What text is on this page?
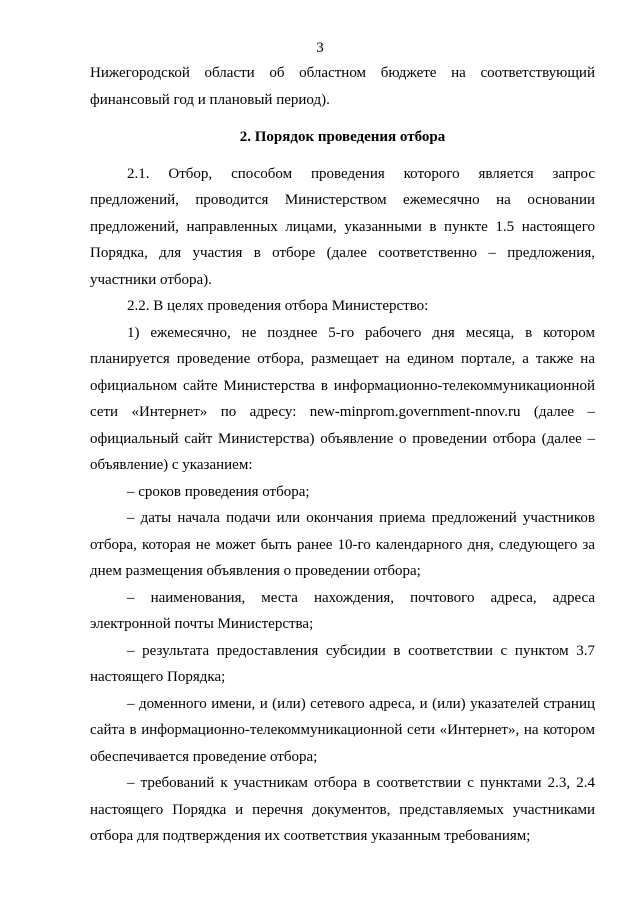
3

Нижегородской области об областном бюджете на соответствующий финансовый год и плановый период).

2. Порядок проведения отбора

2.1. Отбор, способом проведения которого является запрос предложений, проводится Министерством ежемесячно на основании предложений, направленных лицами, указанными в пункте 1.5 настоящего Порядка, для участия в отборе (далее соответственно – предложения, участники отбора).

2.2. В целях проведения отбора Министерство:

1) ежемесячно, не позднее 5-го рабочего дня месяца, в котором планируется проведение отбора, размещает на едином портале, а также на официальном сайте Министерства в информационно-телекоммуникационной сети «Интернет» по адресу: new-minprom.government-nnov.ru (далее – официальный сайт Министерства) объявление о проведении отбора (далее – объявление) с указанием:

– сроков проведения отбора;

– даты начала подачи или окончания приема предложений участников отбора, которая не может быть ранее 10-го календарного дня, следующего за днем размещения объявления о проведении отбора;

– наименования, места нахождения, почтового адреса, адреса электронной почты Министерства;

– результата предоставления субсидии в соответствии с пунктом 3.7 настоящего Порядка;

– доменного имени, и (или) сетевого адреса, и (или) указателей страниц сайта в информационно-телекоммуникационной сети «Интернет», на котором обеспечивается проведение отбора;

– требований к участникам отбора в соответствии с пунктами 2.3, 2.4 настоящего Порядка и перечня документов, представляемых участниками отбора для подтверждения их соответствия указанным требованиям;
